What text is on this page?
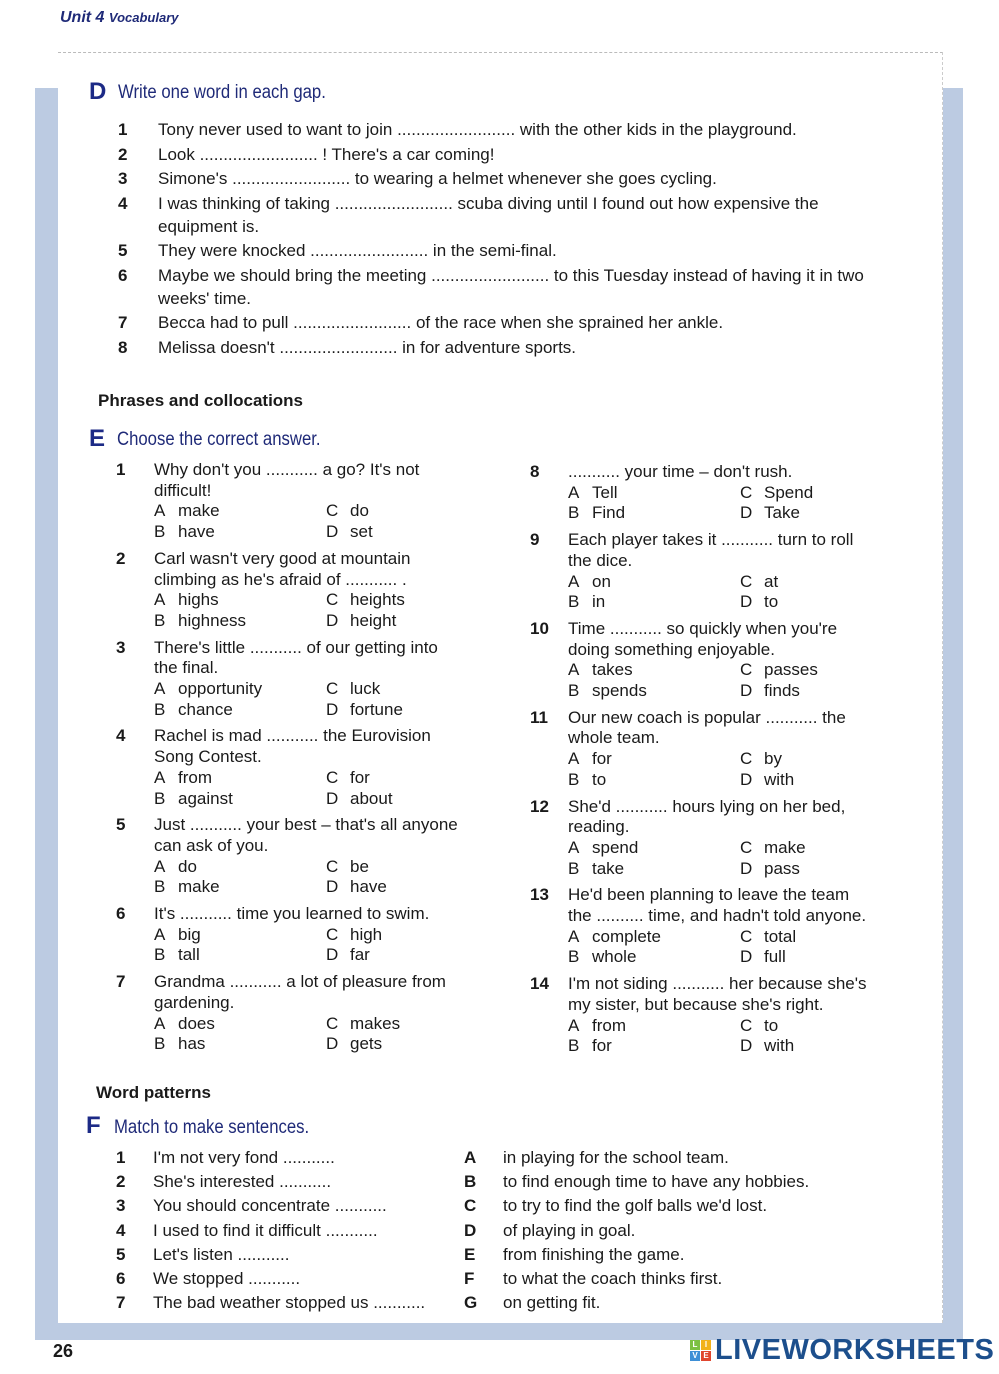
Unit 4 Vocabulary
D Write one word in each gap.
1	Tony never used to want to join ......................... with the other kids in the playground.
2	Look ......................... ! There's a car coming!
3	Simone's ......................... to wearing a helmet whenever she goes cycling.
4	I was thinking of taking ......................... scuba diving until I found out how expensive the
equipment is.
5	They were knocked ......................... in the semi-final.
6	Maybe we should bring the meeting ......................... to this Tuesday instead of having it in two
weeks' time.
7	Becca had to pull ......................... of the race when she sprained her ankle.
8	Melissa doesn't ......................... in for adventure sports.
Phrases and collocations
E Choose the correct answer.
1	Why don't you ........... a go? It's not
difficult!
A make	C do
B have	D set
2	Carl wasn't very good at mountain
climbing as he's afraid of ........... .
A highs	C heights
B highness	D height
3	There's little ........... of our getting into
the final.
A opportunity	C luck
B chance	D fortune
4	Rachel is mad ........... the Eurovision
Song Contest.
A from	C for
B against	D about
5	Just ........... your best – that's all anyone
can ask of you.
A do	C be
B make	D have
6	It's ........... time you learned to swim.
A big	C high
B tall	D far
7	Grandma ........... a lot of pleasure from
gardening.
A does	C makes
B has	D gets
8	........... your time – don't rush.
A Tell	C Spend
B Find	D Take
9	Each player takes it ........... turn to roll
the dice.
A on	C at
B in	D to
10	Time ........... so quickly when you're
doing something enjoyable.
A takes	C passes
B spends	D finds
11	Our new coach is popular ........... the
whole team.
A for	C by
B to	D with
12	She'd ........... hours lying on her bed,
reading.
A spend	C make
B take	D pass
13	He'd been planning to leave the team
the .......... time, and hadn't told anyone.
A complete	C total
B whole	D full
14	I'm not siding ........... her because she's
my sister, but because she's right.
A from	C to
B for	D with
Word patterns
F Match to make sentences.
1	I'm not very fond ...........	A	in playing for the school team.
2	She's interested ...........	B	to find enough time to have any hobbies.
3	You should concentrate ...........	C	to try to find the golf balls we'd lost.
4	I used to find it difficult ...........	D	of playing in goal.
5	Let's listen ...........	E	from finishing the game.
6	We stopped ...........	F	to what the coach thinks first.
7	The bad weather stopped us ...........	G	on getting fit.
26	L I
V E LIVEWORKSHEETS
